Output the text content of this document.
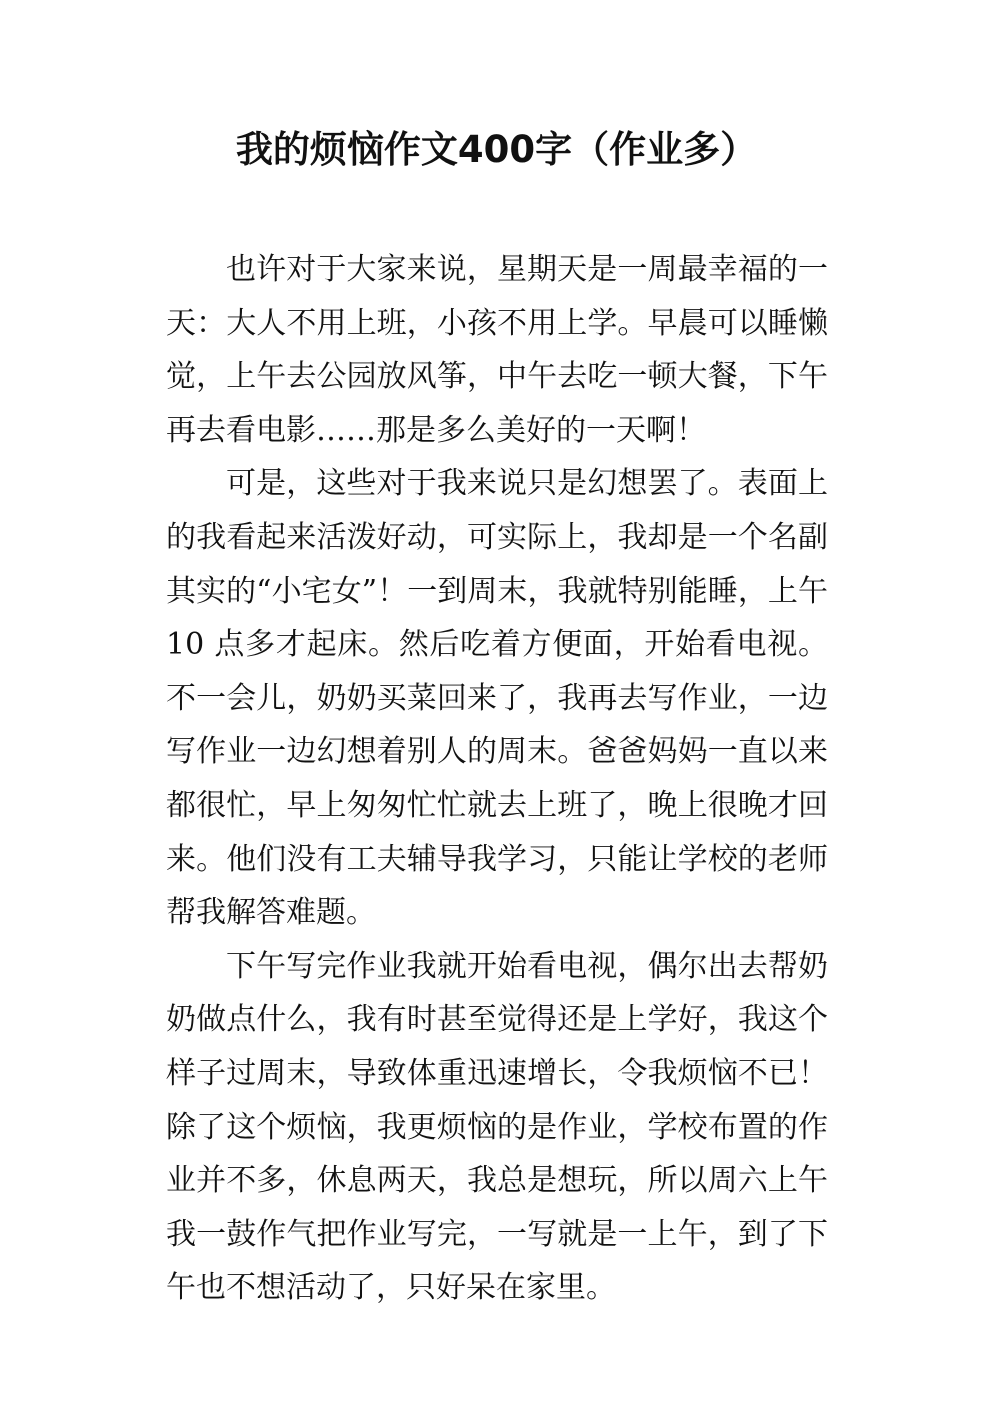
我的烦恼作文400字（作业多）

也许对于大家来说，星期天是一周最幸福的一天：大人不用上班，小孩不用上学。早晨可以睡懒觉，上午去公园放风筝，中午去吃一顿大餐，下午再去看电影……那是多么美好的一天啊！

可是，这些对于我来说只是幻想罢了。表面上的我看起来活泼好动，可实际上，我却是一个名副其实的“小宅女”！一到周末，我就特别能睡，上午 10 点多才起床。然后吃着方便面，开始看电视。不一会儿，奶奶买菜回来了，我再去写作业，一边写作业一边幻想着别人的周末。爸爸妈妈一直以来都很忙，早上匆匆忙忙就去上班了，晚上很晚才回来。他们没有工夫辅导我学习，只能让学校的老师帮我解答难题。

下午写完作业我就开始看电视，偶尔出去帮奶奶做点什么，我有时甚至觉得还是上学好，我这个样子过周末，导致体重迅速增长，令我烦恼不已！除了这个烦恼，我更烦恼的是作业，学校布置的作业并不多，休息两天，我总是想玩，所以周六上午我一鼓作气把作业写完，一写就是一上午，到了下午也不想活动了，只好呆在家里。
